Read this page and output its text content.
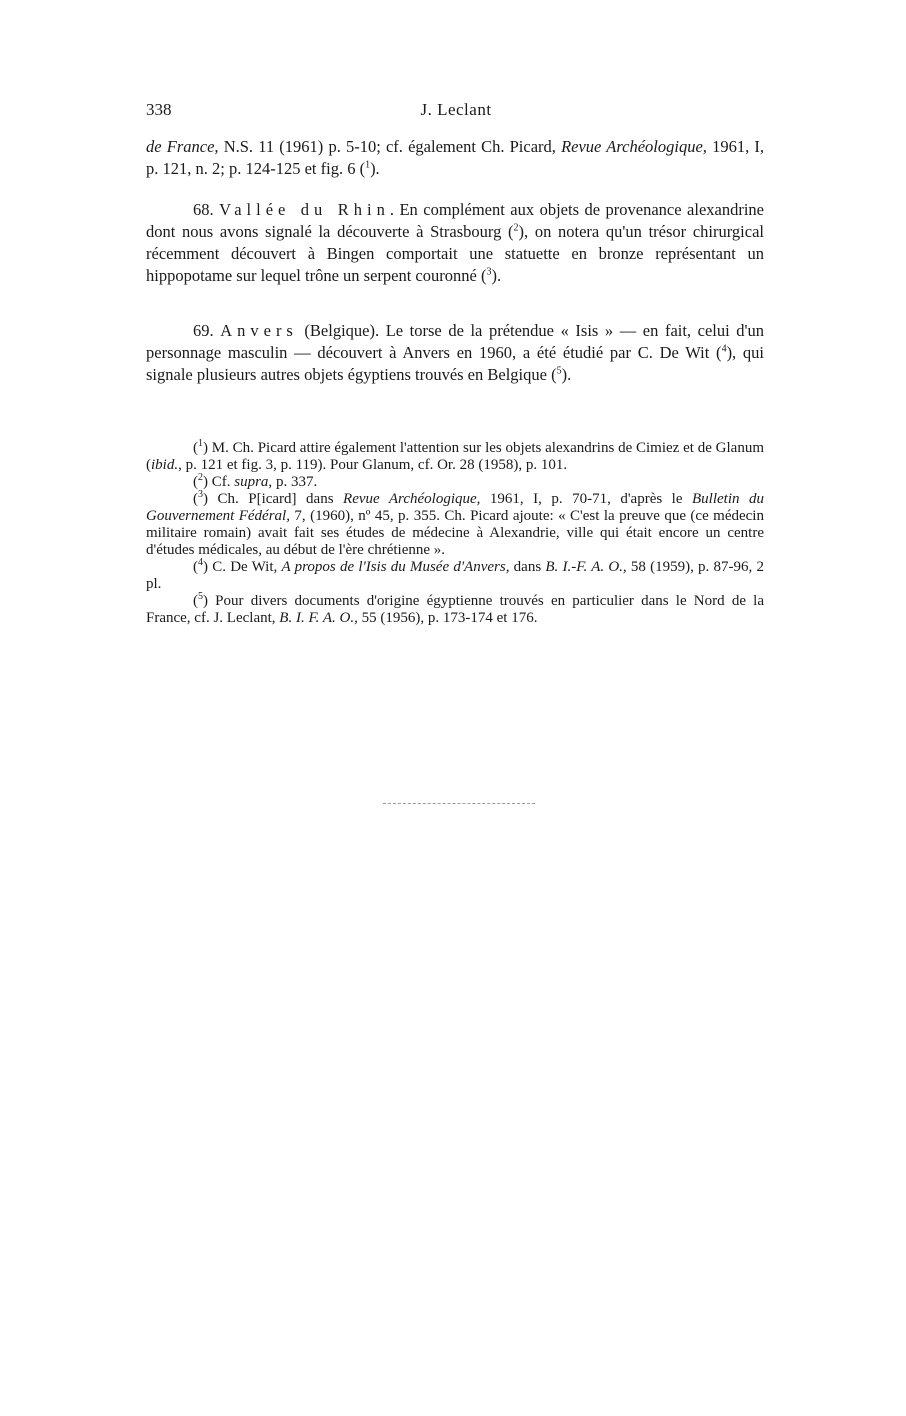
338	J. Leclant

de France, N.S. 11 (1961) p. 5-10; cf. également Ch. Picard, Revue Archéologique, 1961, I, p. 121, n. 2; p. 124-125 et fig. 6 ($^1$).

68. Vallée du Rhin. En complément aux objets de provenance alexandrine dont nous avons signalé la découverte à Strasbourg ($^2$), on notera qu'un trésor chirurgical récemment découvert à Bingen comportait une statuette en bronze représentant un hippopotame sur lequel trône un serpent couronné ($^3$).

69. Anvers (Belgique). Le torse de la prétendue « Isis » — en fait, celui d'un personnage masculin — découvert à Anvers en 1960, a été étudié par C. De Wit ($^4$), qui signale plusieurs autres objets égyptiens trouvés en Belgique ($^5$).

($^1$) M. Ch. Picard attire également l'attention sur les objets alexandrins de Cimiez et de Glanum (ibid., p. 121 et fig. 3, p. 119). Pour Glanum, cf. Or. 28 (1958), p. 101.

($^2$) Cf. supra, p. 337.

($^3$) Ch. P[icard] dans Revue Archéologique, 1961, I, p. 70-71, d'après le Bulletin du Gouvernement Fédéral, 7, (1960), nº 45, p. 355. Ch. Picard ajoute: « C'est la preuve que (ce médecin militaire romain) avait fait ses études de médecine à Alexandrie, ville qui était encore un centre d'études médicales, au début de l'ère chrétienne ».

($^4$) C. De Wit, A propos de l'Isis du Musée d'Anvers, dans B. I.-F. A. O., 58 (1959), p. 87-96, 2 pl.

($^5$) Pour divers documents d'origine égyptienne trouvés en particulier dans le Nord de la France, cf. J. Leclant, B. I. F. A. O., 55 (1956), p. 173-174 et 176.
